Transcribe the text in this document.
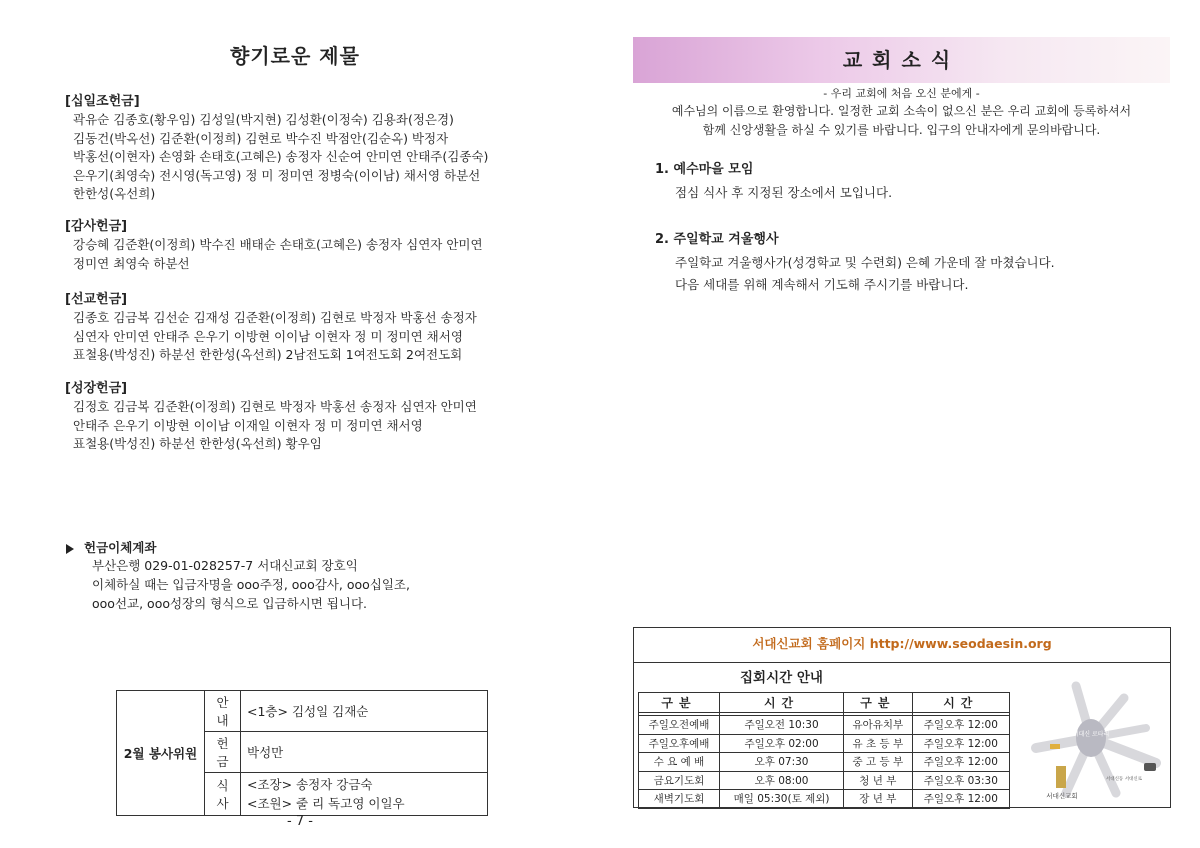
향기로운 제물
[십일조헌금]
곽유순 김종호(황우임) 김성일(박지현) 김성환(이정숙) 김용좌(정은경)
김동건(박옥선) 김준환(이정희) 김현로 박수진 박점안(김순옥) 박정자
박홍선(이현자) 손영화 손태호(고혜은) 송정자 신순여 안미연 안태주(김종숙)
은우기(최영숙) 전시영(독고영) 정 미 정미연 정병숙(이이남) 채서영 하분선
한한성(옥선희)
[감사헌금]
강승혜 김준환(이정희) 박수진 배태순 손태호(고혜은) 송정자 심연자 안미연
정미연 최영숙 하분선
[선교헌금]
김종호 김금복 김선순 김재성 김준환(이정희) 김현로 박정자 박홍선 송정자
심연자 안미연 안태주 은우기 이방현 이이남 이현자 정 미 정미연 채서영
표철용(박성진) 하분선 한한성(옥선희) 2남전도회 1여전도회 2여전도회
[성장헌금]
김정호 김금복 김준환(이정희) 김현로 박정자 박홍선 송정자 심연자 안미연
안태주 은우기 이방현 이이남 이재일 이현자 정 미 정미연 채서영
표철용(박성진) 하분선 한한성(옥선희) 황우임
헌금이체계좌
부산은행 029-01-028257-7 서대신교회 장호익
이체하실 때는 입금자명을 ooo주정, ooo감사, ooo십일조,
ooo선교, ooo성장의 형식으로 입금하시면 됩니다.
2월 봉사위원	안내	<1층> 김성일 김재순

	헌금	박성만

	식사	<조장> 송정자 강금숙
<조원> 줄 리 독고영 이일우
- 7 -
교회소식
- 우리 교회에 처음 오신 분에게 -
예수님의 이름으로 환영합니다. 일정한 교회 소속이 없으신 분은 우리 교회에 등록하셔서
함께 신앙생활을 하실 수 있기를 바랍니다. 입구의 안내자에게 문의바랍니다.
1. 예수마을 모임
점심 식사 후 지정된 장소에서 모입니다.
2. 주일학교 겨울행사
주일학교 겨울행사가(성경학교 및 수련회) 은혜 가운데 잘 마쳤습니다.
다음 세대를 위해 계속해서 기도해 주시기를 바랍니다.
서대신교회 홈페이지 http://www.seodaesin.org
집회시간 안내
구분	시간	구분	시간

주일오전예배	주일오전 10:30	유아유치부	주일오후 12:00
주일오후예배	주일오후 02:00	유 초 등 부	주일오후 12:00
수 요 예 배	오후 07:30	중 고 등 부	주일오후 12:00
금요기도회	오후 08:00	청 년 부	주일오후 03:30
새벽기도회	매일 05:30(토 제외)	장 년 부	주일오후 12:00
서대신 로타리
서대신교회
서대신동 서대신로
